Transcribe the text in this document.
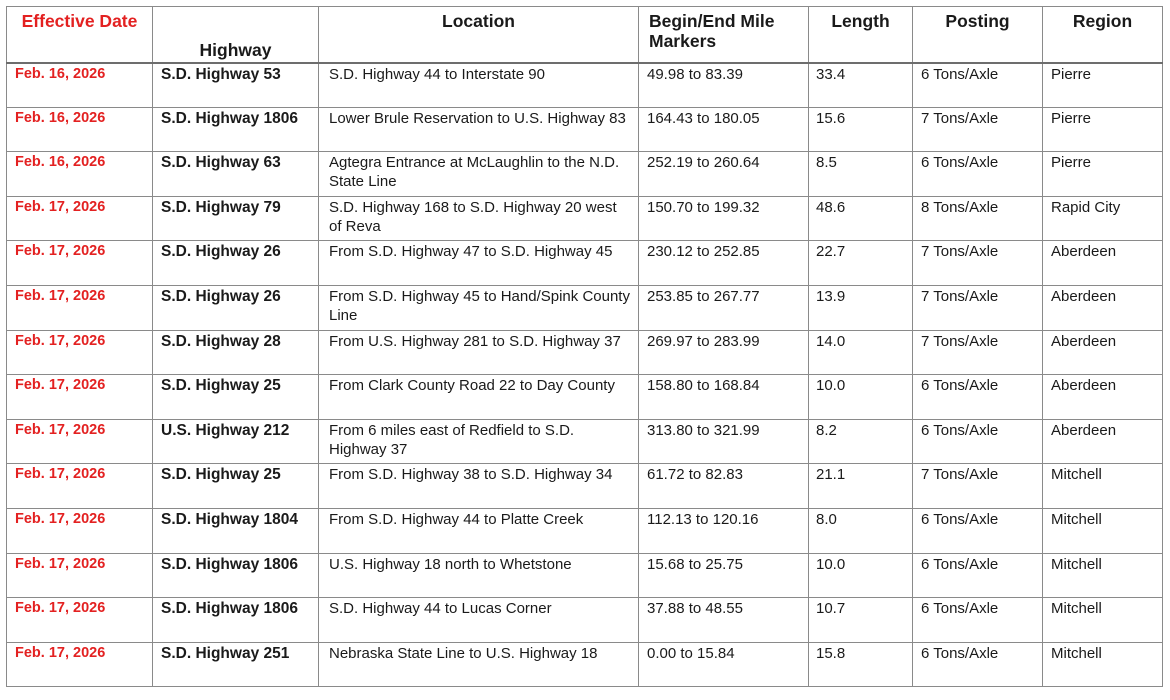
Effective Date	Highway	Location	Begin/End Mile Markers	Length	Posting	Region
Feb. 16, 2026	S.D. Highway 53	S.D. Highway 44 to Interstate 90	49.98 to 83.39	33.4	6 Tons/Axle	Pierre
Feb. 16, 2026	S.D. Highway 1806	Lower Brule Reservation to U.S. Highway 83	164.43 to 180.05	15.6	7 Tons/Axle	Pierre
Feb. 16, 2026	S.D. Highway 63	Agtegra Entrance at McLaughlin to the N.D. State Line	252.19 to 260.64	8.5	6 Tons/Axle	Pierre
Feb. 17, 2026	S.D. Highway 79	S.D. Highway 168 to S.D. Highway 20 west of Reva	150.70 to 199.32	48.6	8 Tons/Axle	Rapid City
Feb. 17, 2026	S.D. Highway 26	From S.D. Highway 47 to S.D. Highway 45	230.12 to 252.85	22.7	7 Tons/Axle	Aberdeen
Feb. 17, 2026	S.D. Highway 26	From S.D. Highway 45 to Hand/Spink County Line	253.85 to 267.77	13.9	7 Tons/Axle	Aberdeen
Feb. 17, 2026	S.D. Highway 28	From U.S. Highway 281 to S.D. Highway 37	269.97 to 283.99	14.0	7 Tons/Axle	Aberdeen
Feb. 17, 2026	S.D. Highway 25	From Clark County Road 22 to Day County	158.80 to 168.84	10.0	6 Tons/Axle	Aberdeen
Feb. 17, 2026	U.S. Highway 212	From 6 miles east of Redfield to S.D. Highway 37	313.80 to 321.99	8.2	6 Tons/Axle	Aberdeen
Feb. 17, 2026	S.D. Highway 25	From S.D. Highway 38 to S.D. Highway 34	61.72 to 82.83	21.1	7 Tons/Axle	Mitchell
Feb. 17, 2026	S.D. Highway 1804	From S.D. Highway 44 to Platte Creek	112.13 to 120.16	8.0	6 Tons/Axle	Mitchell
Feb. 17, 2026	S.D. Highway 1806	U.S. Highway 18 north to Whetstone	15.68 to 25.75	10.0	6 Tons/Axle	Mitchell
Feb. 17, 2026	S.D. Highway 1806	S.D. Highway 44 to Lucas Corner	37.88 to 48.55	10.7	6 Tons/Axle	Mitchell
Feb. 17, 2026	S.D. Highway 251	Nebraska State Line to U.S. Highway 18	0.00 to 15.84	15.8	6 Tons/Axle	Mitchell
